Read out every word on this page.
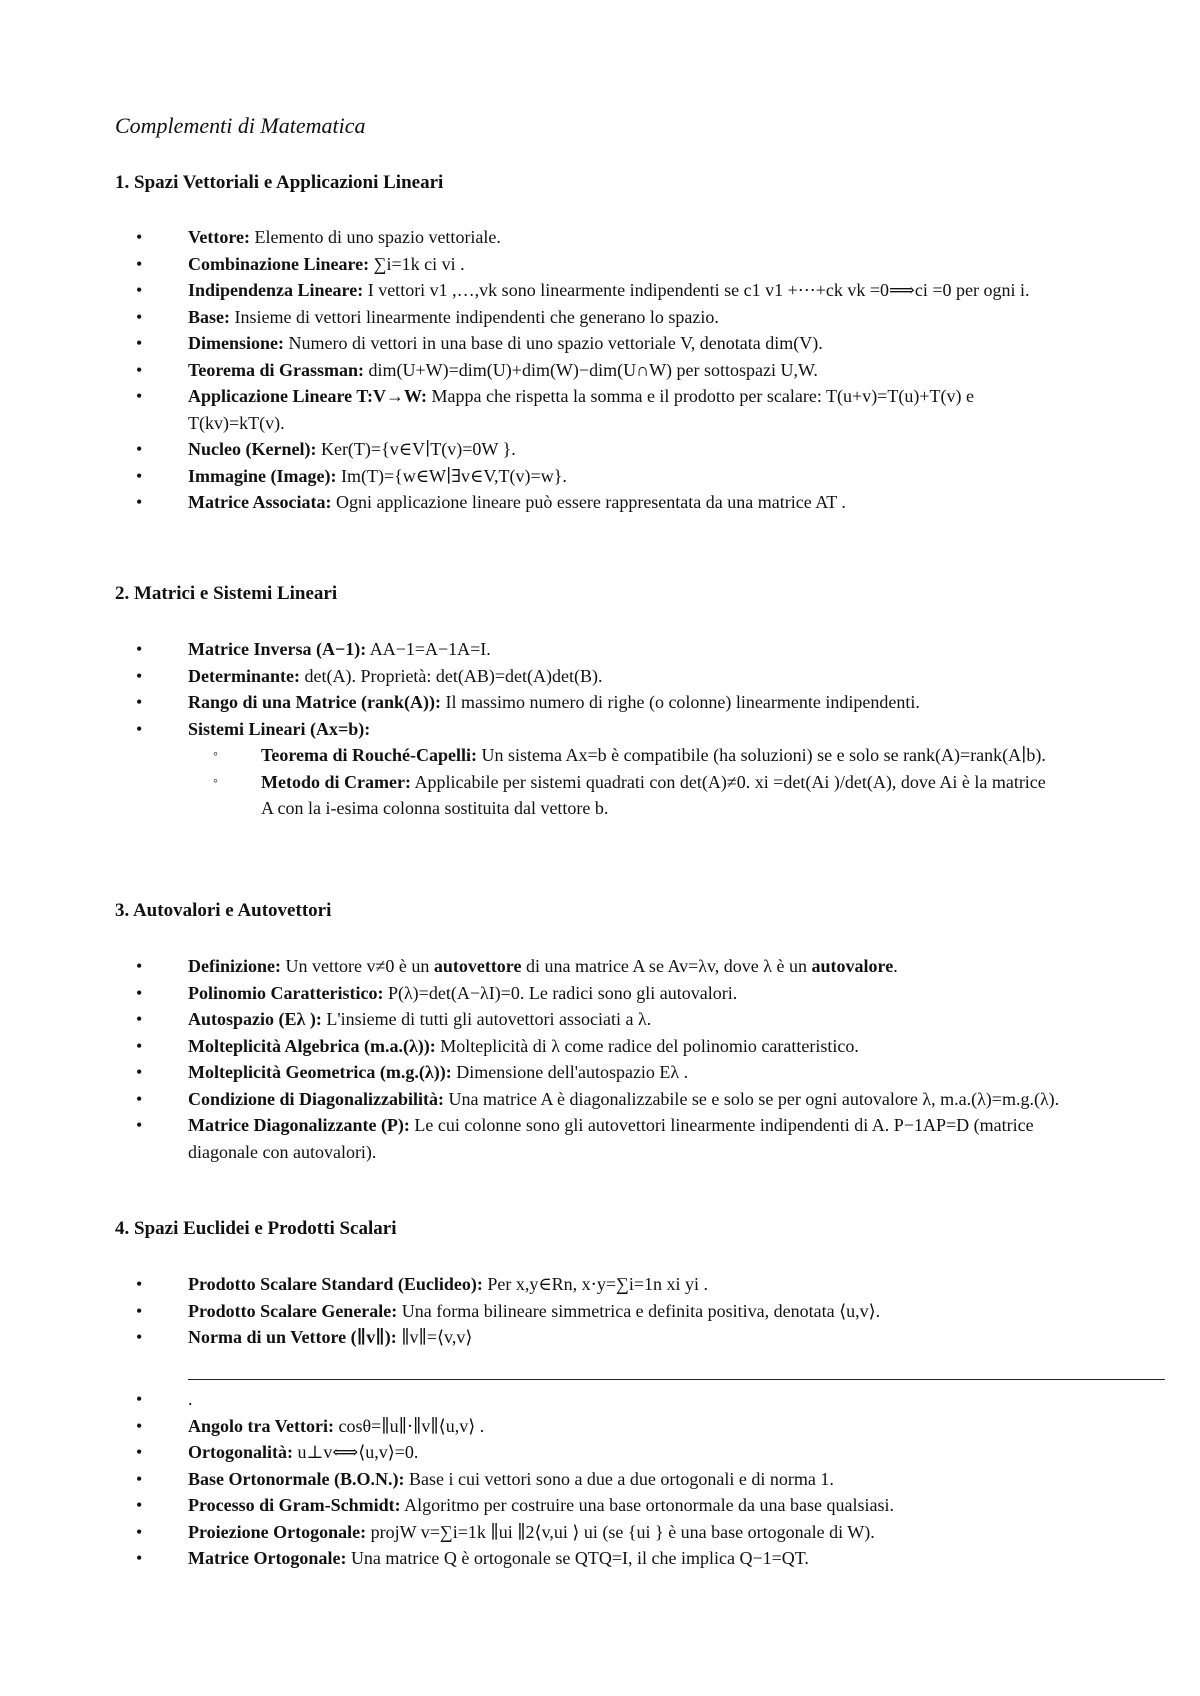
Complementi di Matematica
1. Spazi Vettoriali e Applicazioni Lineari
• Vettore: Elemento di uno spazio vettoriale.
• Combinazione Lineare: ∑i=1k ci vi .
• Indipendenza Lineare: I vettori v1 ,…,vk sono linearmente indipendenti se c1 v1 +⋯+ck vk =0⟹ci =0 per ogni i.
• Base: Insieme di vettori linearmente indipendenti che generano lo spazio.
• Dimensione: Numero di vettori in una base di uno spazio vettoriale V, denotata dim(V).
• Teorema di Grassman: dim(U+W)=dim(U)+dim(W)−dim(U∩W) per sottospazi U,W.
• Applicazione Lineare T:V→W: Mappa che rispetta la somma e il prodotto per scalare: T(u+v)=T(u)+T(v) e T(kv)=kT(v).
• Nucleo (Kernel): Ker(T)={v∈V∣T(v)=0W }.
• Immagine (Image): Im(T)={w∈W∣∃v∈V,T(v)=w}.
• Matrice Associata: Ogni applicazione lineare può essere rappresentata da una matrice AT .
2. Matrici e Sistemi Lineari
• Matrice Inversa (A−1): AA−1=A−1A=I.
• Determinante: det(A). Proprietà: det(AB)=det(A)det(B).
• Rango di una Matrice (rank(A)): Il massimo numero di righe (o colonne) linearmente indipendenti.
• Sistemi Lineari (Ax=b):
◦ Teorema di Rouché-Capelli: Un sistema Ax=b è compatibile (ha soluzioni) se e solo se rank(A)=rank(A∣b).
◦ Metodo di Cramer: Applicabile per sistemi quadrati con det(A)≠0. xi =det(Ai )/det(A), dove Ai è la matrice A con la i-esima colonna sostituita dal vettore b.
3. Autovalori e Autovettori
• Definizione: Un vettore v≠0 è un autovettore di una matrice A se Av=λv, dove λ è un autovalore.
• Polinomio Caratteristico: P(λ)=det(A−λI)=0. Le radici sono gli autovalori.
• Autospazio (Eλ ): L'insieme di tutti gli autovettori associati a λ.
• Molteplicità Algebrica (m.a.(λ)): Molteplicità di λ come radice del polinomio caratteristico.
• Molteplicità Geometrica (m.g.(λ)): Dimensione dell'autospazio Eλ .
• Condizione di Diagonalizzabilità: Una matrice A è diagonalizzabile se e solo se per ogni autovalore λ, m.a.(λ)=m.g.(λ).
• Matrice Diagonalizzante (P): Le cui colonne sono gli autovettori linearmente indipendenti di A. P−1AP=D (matrice diagonale con autovalori).
4. Spazi Euclidei e Prodotti Scalari
• Prodotto Scalare Standard (Euclideo): Per x,y∈Rn, x⋅y=∑i=1n xi yi .
• Prodotto Scalare Generale: Una forma bilineare simmetrica e definita positiva, denotata ⟨u,v⟩.
• Norma di un Vettore (∥v∥): ∥v∥=⟨v,v⟩
• .
• Angolo tra Vettori: cosθ=∥u∥⋅∥v∥⟨u,v⟩ .
• Ortogonalità: u⊥v⟺⟨u,v⟩=0.
• Base Ortonormale (B.O.N.): Base i cui vettori sono a due a due ortogonali e di norma 1.
• Processo di Gram-Schmidt: Algoritmo per costruire una base ortonormale da una base qualsiasi.
• Proiezione Ortogonale: projW v=∑i=1k ∥ui ∥2⟨v,ui ⟩ ui (se {ui } è una base ortogonale di W).
• Matrice Ortogonale: Una matrice Q è ortogonale se QTQ=I, il che implica Q−1=QT.
